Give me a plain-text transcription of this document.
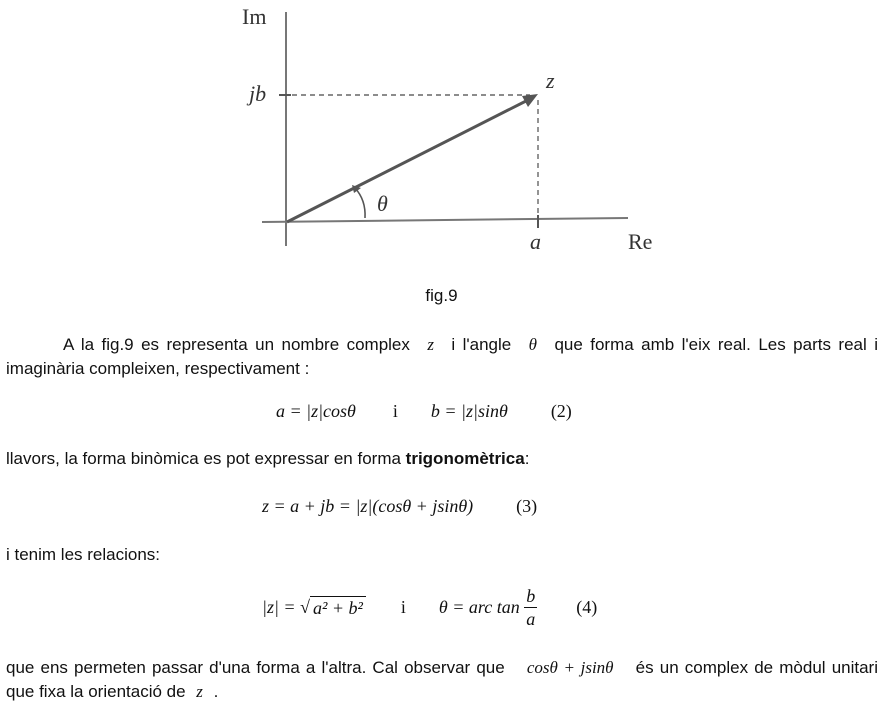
Im
Re
jb
a
z
θ
fig.9

A la fig.9 es representa un nombre complex z i l'angle θ que forma amb l'eix real. Les parts real i imaginària compleixen, respectivament :

a = |z|cosθ i b = |z|sinθ (2)

llavors, la forma binòmica es pot expressar en forma trigonomètrica:

z = a + jb = |z|(cosθ + jsinθ) (3)

i tenim les relacions:

|z| = √ a² + b² i θ = arc $\tan \frac{b}{a} (4)$

que ens permeten passar d'una forma a l'altra. Cal observar que cosθ + jsinθ és un complex de mòdul unitari que fixa la orientació de z .
